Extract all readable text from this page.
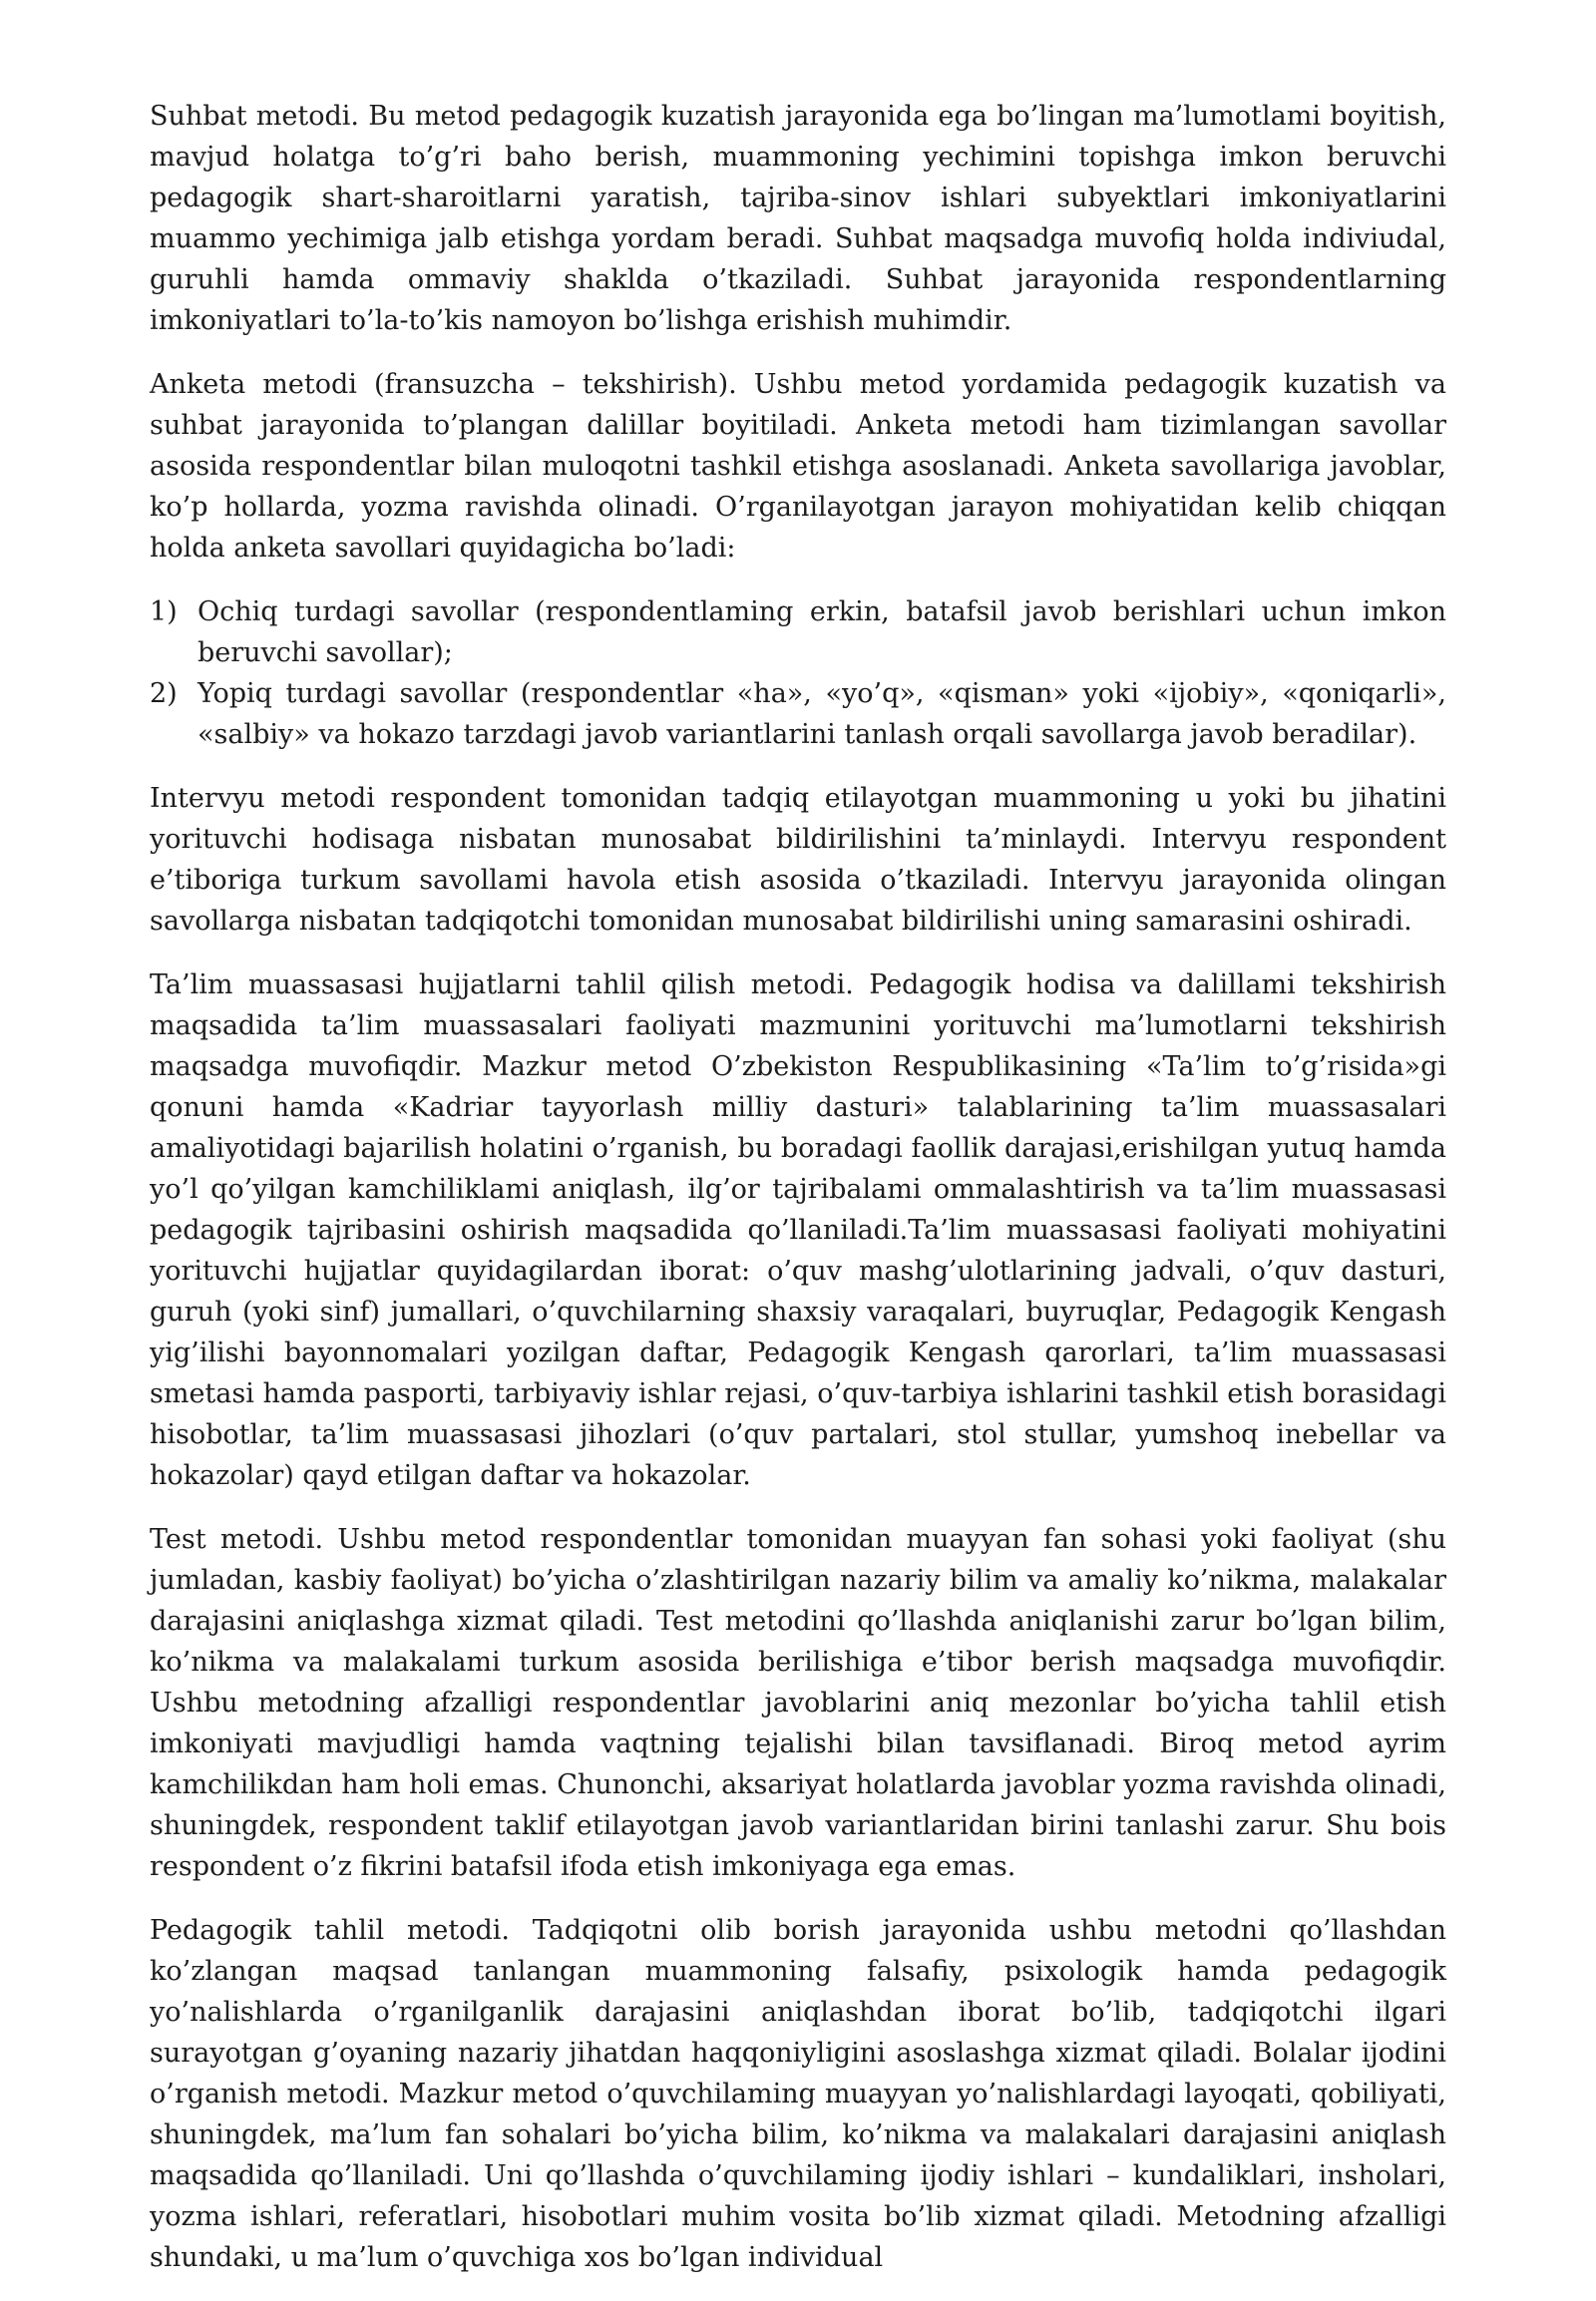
Suhbat metodi. Bu metod pedagogik kuzatish jarayonida ega bo’lingan ma’lumotlami boyitish, mavjud holatga to’g’ri baho berish, muammoning yechimini topishga imkon beruvchi pedagogik shart-sharoitlarni yaratish, tajriba-sinov ishlari subyektlari imkoniyatlarini muammo yechimiga jalb etishga yordam beradi. Suhbat maqsadga muvofiq holda indiviudal, guruhli hamda ommaviy shaklda o’tkaziladi. Suhbat jarayonida respondentlarning imkoniyatlari to’la-to’kis namoyon bo’lishga erishish muhimdir.

Anketa metodi (fransuzcha – tekshirish). Ushbu metod yordamida pedagogik kuzatish va suhbat jarayonida to’plangan dalillar boyitiladi. Anketa metodi ham tizimlangan savollar asosida respondentlar bilan muloqotni tashkil etishga asoslanadi. Anketa savollariga javoblar, ko’p hollarda, yozma ravishda olinadi. O’rganilayotgan jarayon mohiyatidan kelib chiqqan holda anketa savollari quyidagicha bo’ladi:

1) Ochiq turdagi savollar (respondentlaming erkin, batafsil javob berishlari uchun imkon beruvchi savollar);
2) Yopiq turdagi savollar (respondentlar «ha», «yo’q», «qisman» yoki «ijobiy», «qoniqarli», «salbiy» va hokazo tarzdagi javob variantlarini tanlash orqali savollarga javob beradilar).

Intervyu metodi respondent tomonidan tadqiq etilayotgan muammoning u yoki bu jihatini yorituvchi hodisaga nisbatan munosabat bildirilishini ta’minlaydi. Intervyu respondent e’tiboriga turkum savollami havola etish asosida o’tkaziladi. Intervyu jarayonida olingan savollarga nisbatan tadqiqotchi tomonidan munosabat bildirilishi uning samarasini oshiradi.

Ta’lim muassasasi hujjatlarni tahlil qilish metodi. Pedagogik hodisa va dalillami tekshirish maqsadida ta’lim muassasalari faoliyati mazmunini yorituvchi ma’lumotlarni tekshirish maqsadga muvofiqdir. Mazkur metod O’zbekiston Respublikasining «Ta’lim to’g’risida»gi qonuni hamda «Kadriar tayyorlash milliy dasturi» talablarining ta’lim muassasalari amaliyotidagi bajarilish holatini o’rganish, bu boradagi faollik darajasi,erishilgan yutuq hamda yo’l qo’yilgan kamchiliklami aniqlash, ilg’or tajribalami ommalashtirish va ta’lim muassasasi pedagogik tajribasini oshirish maqsadida qo’llaniladi.Ta’lim muassasasi faoliyati mohiyatini yorituvchi hujjatlar quyidagilardan iborat: o’quv mashg’ulotlarining jadvali, o’quv dasturi, guruh (yoki sinf) jumallari, o’quvchilarning shaxsiy varaqalari, buyruqlar, Pedagogik Kengash yig’ilishi bayonnomalari yozilgan daftar, Pedagogik Kengash qarorlari, ta’lim muassasasi smetasi hamda pasporti, tarbiyaviy ishlar rejasi, o’quv-tarbiya ishlarini tashkil etish borasidagi hisobotlar, ta’lim muassasasi jihozlari (o’quv partalari, stol stullar, yumshoq inebellar va hokazolar) qayd etilgan daftar va hokazolar.

Test metodi. Ushbu metod respondentlar tomonidan muayyan fan sohasi yoki faoliyat (shu jumladan, kasbiy faoliyat) bo’yicha o’zlashtirilgan nazariy bilim va amaliy ko’nikma, malakalar darajasini aniqlashga xizmat qiladi. Test metodini qo’llashda aniqlanishi zarur bo’lgan bilim, ko’nikma va malakalami turkum asosida berilishiga e’tibor berish maqsadga muvofiqdir. Ushbu metodning afzalligi respondentlar javoblarini aniq mezonlar bo’yicha tahlil etish imkoniyati mavjudligi hamda vaqtning tejalishi bilan tavsiflanadi. Biroq metod ayrim kamchilikdan ham holi emas. Chunonchi, aksariyat holatlarda javoblar yozma ravishda olinadi, shuningdek, respondent taklif etilayotgan javob variantlaridan birini tanlashi zarur. Shu bois respondent o’z fikrini batafsil ifoda etish imkoniyaga ega emas.

Pedagogik tahlil metodi. Tadqiqotni olib borish jarayonida ushbu metodni qo’llashdan ko’zlangan maqsad tanlangan muammoning falsafiy, psixologik hamda pedagogik yo’nalishlarda o’rganilganlik darajasini aniqlashdan iborat bo’lib, tadqiqotchi ilgari surayotgan g’oyaning nazariy jihatdan haqqoniyligini asoslashga xizmat qiladi. Bolalar ijodini o’rganish metodi. Mazkur metod o’quvchilaming muayyan yo’nalishlardagi layoqati, qobiliyati, shuningdek, ma’lum fan sohalari bo’yicha bilim, ko’nikma va malakalari darajasini aniqlash maqsadida qo’llaniladi. Uni qo’llashda o’quvchilaming ijodiy ishlari – kundaliklari, insholari, yozma ishlari, referatlari, hisobotlari muhim vosita bo’lib xizmat qiladi. Metodning afzalligi shundaki, u ma’lum o’quvchiga xos bo’lgan individual
